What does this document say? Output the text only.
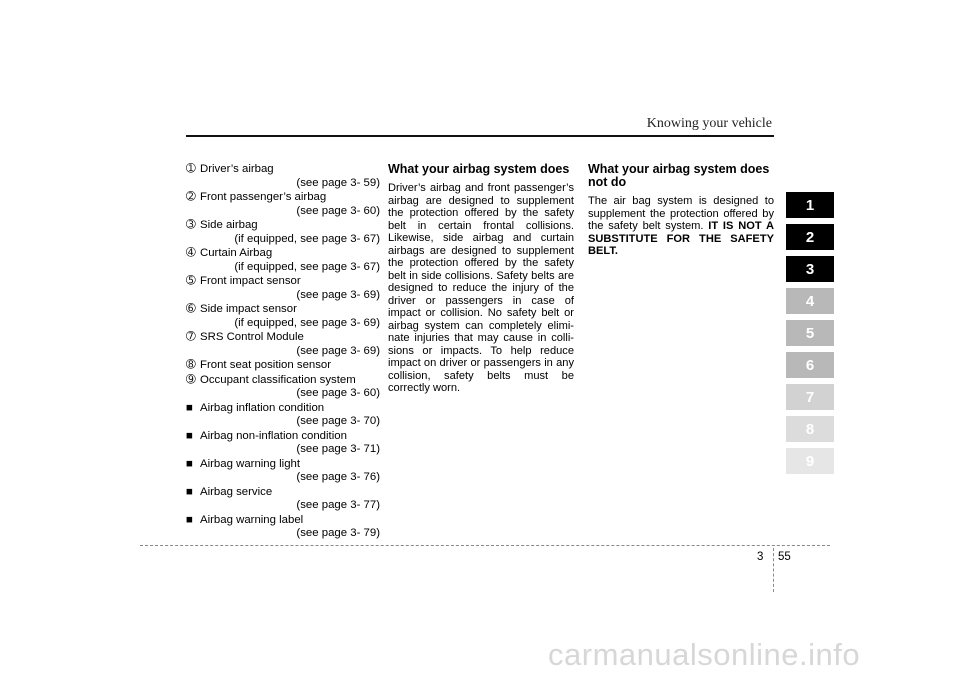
Knowing your vehicle
➀ Driver’s airbag
(see page 3- 59)
➁ Front passenger’s airbag
(see page 3- 60)
➂ Side airbag
(if equipped, see page 3- 67)
➃ Curtain Airbag
(if equipped, see page 3- 67)
➄ Front impact sensor
(see page 3- 69)
➅ Side impact sensor
(if equipped, see page 3- 69)
➆ SRS Control Module
(see page 3- 69)
➇ Front seat position sensor
➈ Occupant classification system
(see page 3- 60)
■ Airbag inflation condition
(see page 3- 70)
■ Airbag non-inflation condition
(see page 3- 71)
■ Airbag warning light
(see page 3- 76)
■ Airbag service
(see page 3- 77)
■ Airbag warning label
(see page 3- 79)
What your airbag system does

Driver’s airbag and front passenger’s airbag are designed to supplement the protection offered by the safety belt in certain frontal collisions. Likewise, side airbag and curtain airbags are designed to supplement the protection offered by the safety belt in side collisions. Safety belts are designed to reduce the injury of the driver or passengers in case of impact or collision. No safety belt or airbag system can completely elimi-nate injuries that may cause in colli-sions or impacts. To help reduce impact on driver or passengers in any collision, safety belts must be correctly worn.

What your airbag system does not do

The air bag system is designed to supplement the protection offered by the safety belt system. IT IS NOT A SUBSTITUTE FOR THE SAFETY BELT.

1
2
3
4
5
6
7
8
9
3 55
carmanualsonline.info
